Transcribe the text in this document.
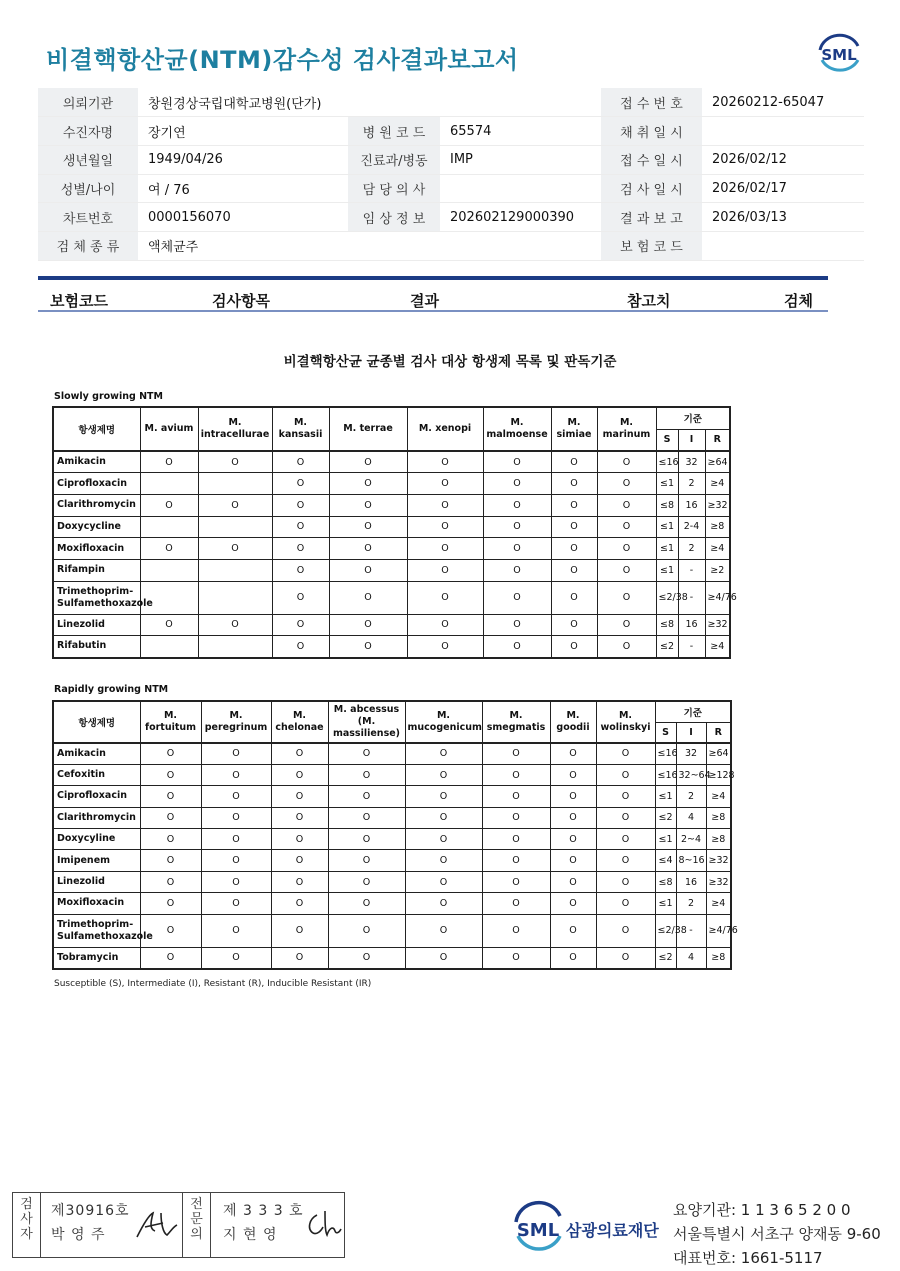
비결핵항산균(NTM)감수성 검사결과보고서	SML
의뢰기관	창원경상국립대학교병원(단가)			접 수 번 호	20260212-65047
수진자명	장기연	병 원 코 드	65574	채 취 일 시	
생년월일	1949/04/26	진료과/병동	IMP	접 수 일 시	2026/02/12
성별/나이	여 / 76	담 당 의 사		검 사 일 시	2026/02/17
차트번호	0000156070	임 상 정 보	202602129000390	결 과 보 고	2026/03/13
검 체 종 류	액체균주			보 험 코 드	
보험코드	검사항목	결과	참고치	검체
비결핵항산균 균종별 검사 대상 항생제 목록 및 판독기준
Slowly growing NTM
항생제명	M. avium	M. intracellurae	M. kansasii	M. terrae	M. xenopi	M. malmoense	M. simiae	M. marinum	기준		
									S	I	R
Amikacin	O	O	O	O	O	O	O	O	≤16	32	≥64
Ciprofloxacin			O	O	O	O	O	O	≤1	2	≥4
Clarithromycin	O	O	O	O	O	O	O	O	≤8	16	≥32
Doxycycline			O	O	O	O	O	O	≤1	2-4	≥8
Moxifloxacin	O	O	O	O	O	O	O	O	≤1	2	≥4
Rifampin			O	O	O	O	O	O	≤1	-	≥2
Trimethoprim-Sulfamethoxazole			O	O	O	O	O	O	≤2/38	-	≥4/76
Linezolid	O	O	O	O	O	O	O	O	≤8	16	≥32
Rifabutin			O	O	O	O	O	O	≤2	-	≥4
Rapidly growing NTM
항생제명	M. fortuitum	M. peregrinum	M. chelonae	M. abcessus (M. massiliense)	M. mucogenicum	M. smegmatis	M. goodii	M. wolinskyi	기준		
									S	I	R
Amikacin	O	O	O	O	O	O	O	O	≤16	32	≥64
Cefoxitin	O	O	O	O	O	O	O	O	≤16	32~64	≥128
Ciprofloxacin	O	O	O	O	O	O	O	O	≤1	2	≥4
Clarithromycin	O	O	O	O	O	O	O	O	≤2	4	≥8
Doxycyline	O	O	O	O	O	O	O	O	≤1	2~4	≥8
Imipenem	O	O	O	O	O	O	O	O	≤4	8~16	≥32
Linezolid	O	O	O	O	O	O	O	O	≤8	16	≥32
Moxifloxacin	O	O	O	O	O	O	O	O	≤1	2	≥4
Trimethoprim-Sulfamethoxazole	O	O	O	O	O	O	O	O	≤2/38	-	≥4/76
Tobramycin	O	O	O	O	O	O	O	O	≤2	4	≥8
Susceptible (S), Intermediate (I), Resistant (R), Inducible Resistant (IR)
검
사
자
제30916호
박 영 주
전
문
의
제 3 3 3 호
지 현 영	SML 삼광의료재단
요양기관: 1 1 3 6 5 2 0 0
서울특별시 서초구 양재동 9-60
대표번호: 1661-5117
